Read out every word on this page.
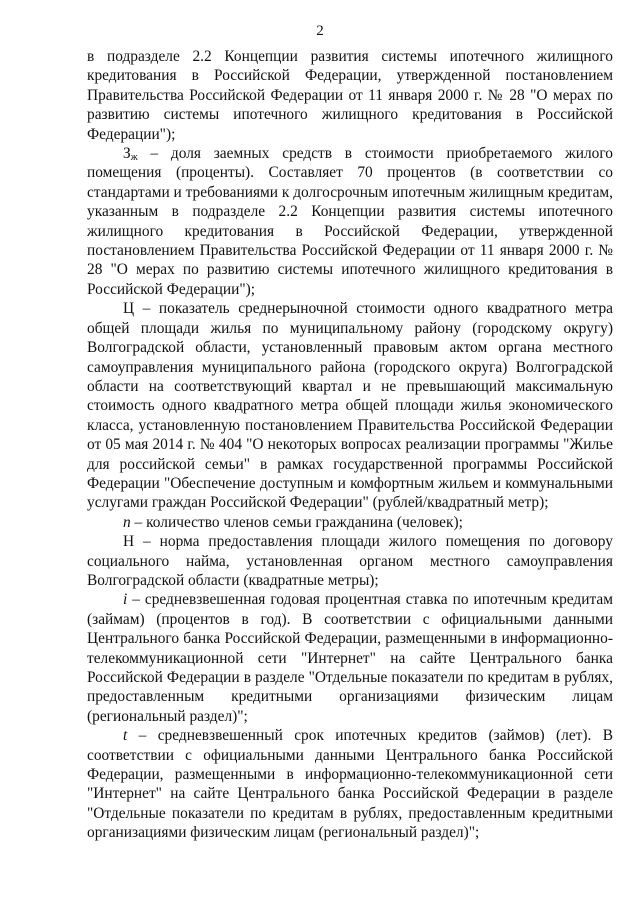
2

в подразделе 2.2 Концепции развития системы ипотечного жилищного кредитования в Российской Федерации, утвержденной постановлением Правительства Российской Федерации от 11 января 2000 г. № 28 "О мерах по развитию системы ипотечного жилищного кредитования в Российской Федерации");

$З_ж$ – доля заемных средств в стоимости приобретаемого жилого помещения (проценты). Составляет 70 процентов (в соответствии со стандартами и требованиями к долгосрочным ипотечным жилищным кредитам, указанным в подразделе 2.2 Концепции развития системы ипотечного жилищного кредитования в Российской Федерации, утвержденной постановлением Правительства Российской Федерации от 11 января 2000 г. № 28 "О мерах по развитию системы ипотечного жилищного кредитования в Российской Федерации");

Ц – показатель среднерыночной стоимости одного квадратного метра общей площади жилья по муниципальному району (городскому округу) Волгоградской области, установленный правовым актом органа местного самоуправления муниципального района (городского округа) Волгоградской области на соответствующий квартал и не превышающий максимальную стоимость одного квадратного метра общей площади жилья экономического класса, установленную постановлением Правительства Российской Федерации от 05 мая 2014 г. № 404 "О некоторых вопросах реализации программы "Жилье для российской семьи" в рамках государственной программы Российской Федерации "Обеспечение доступным и комфортным жильем и коммунальными услугами граждан Российской Федерации" (рублей/квадратный метр);

n – количество членов семьи гражданина (человек);

Н – норма предоставления площади жилого помещения по договору социального найма, установленная органом местного самоуправления Волгоградской области (квадратные метры);

i – средневзвешенная годовая процентная ставка по ипотечным кредитам (займам) (процентов в год). В соответствии с официальными данными Центрального банка Российской Федерации, размещенными в информационно-телекоммуникационной сети "Интернет" на сайте Центрального банка Российской Федерации в разделе "Отдельные показатели по кредитам в рублях, предоставленным кредитными организациями физическим лицам (региональный раздел)";

t – средневзвешенный срок ипотечных кредитов (займов) (лет). В соответствии с официальными данными Центрального банка Российской Федерации, размещенными в информационно-телекоммуникационной сети "Интернет" на сайте Центрального банка Российской Федерации в разделе "Отдельные показатели по кредитам в рублях, предоставленным кредитными организациями физическим лицам (региональный раздел)";
